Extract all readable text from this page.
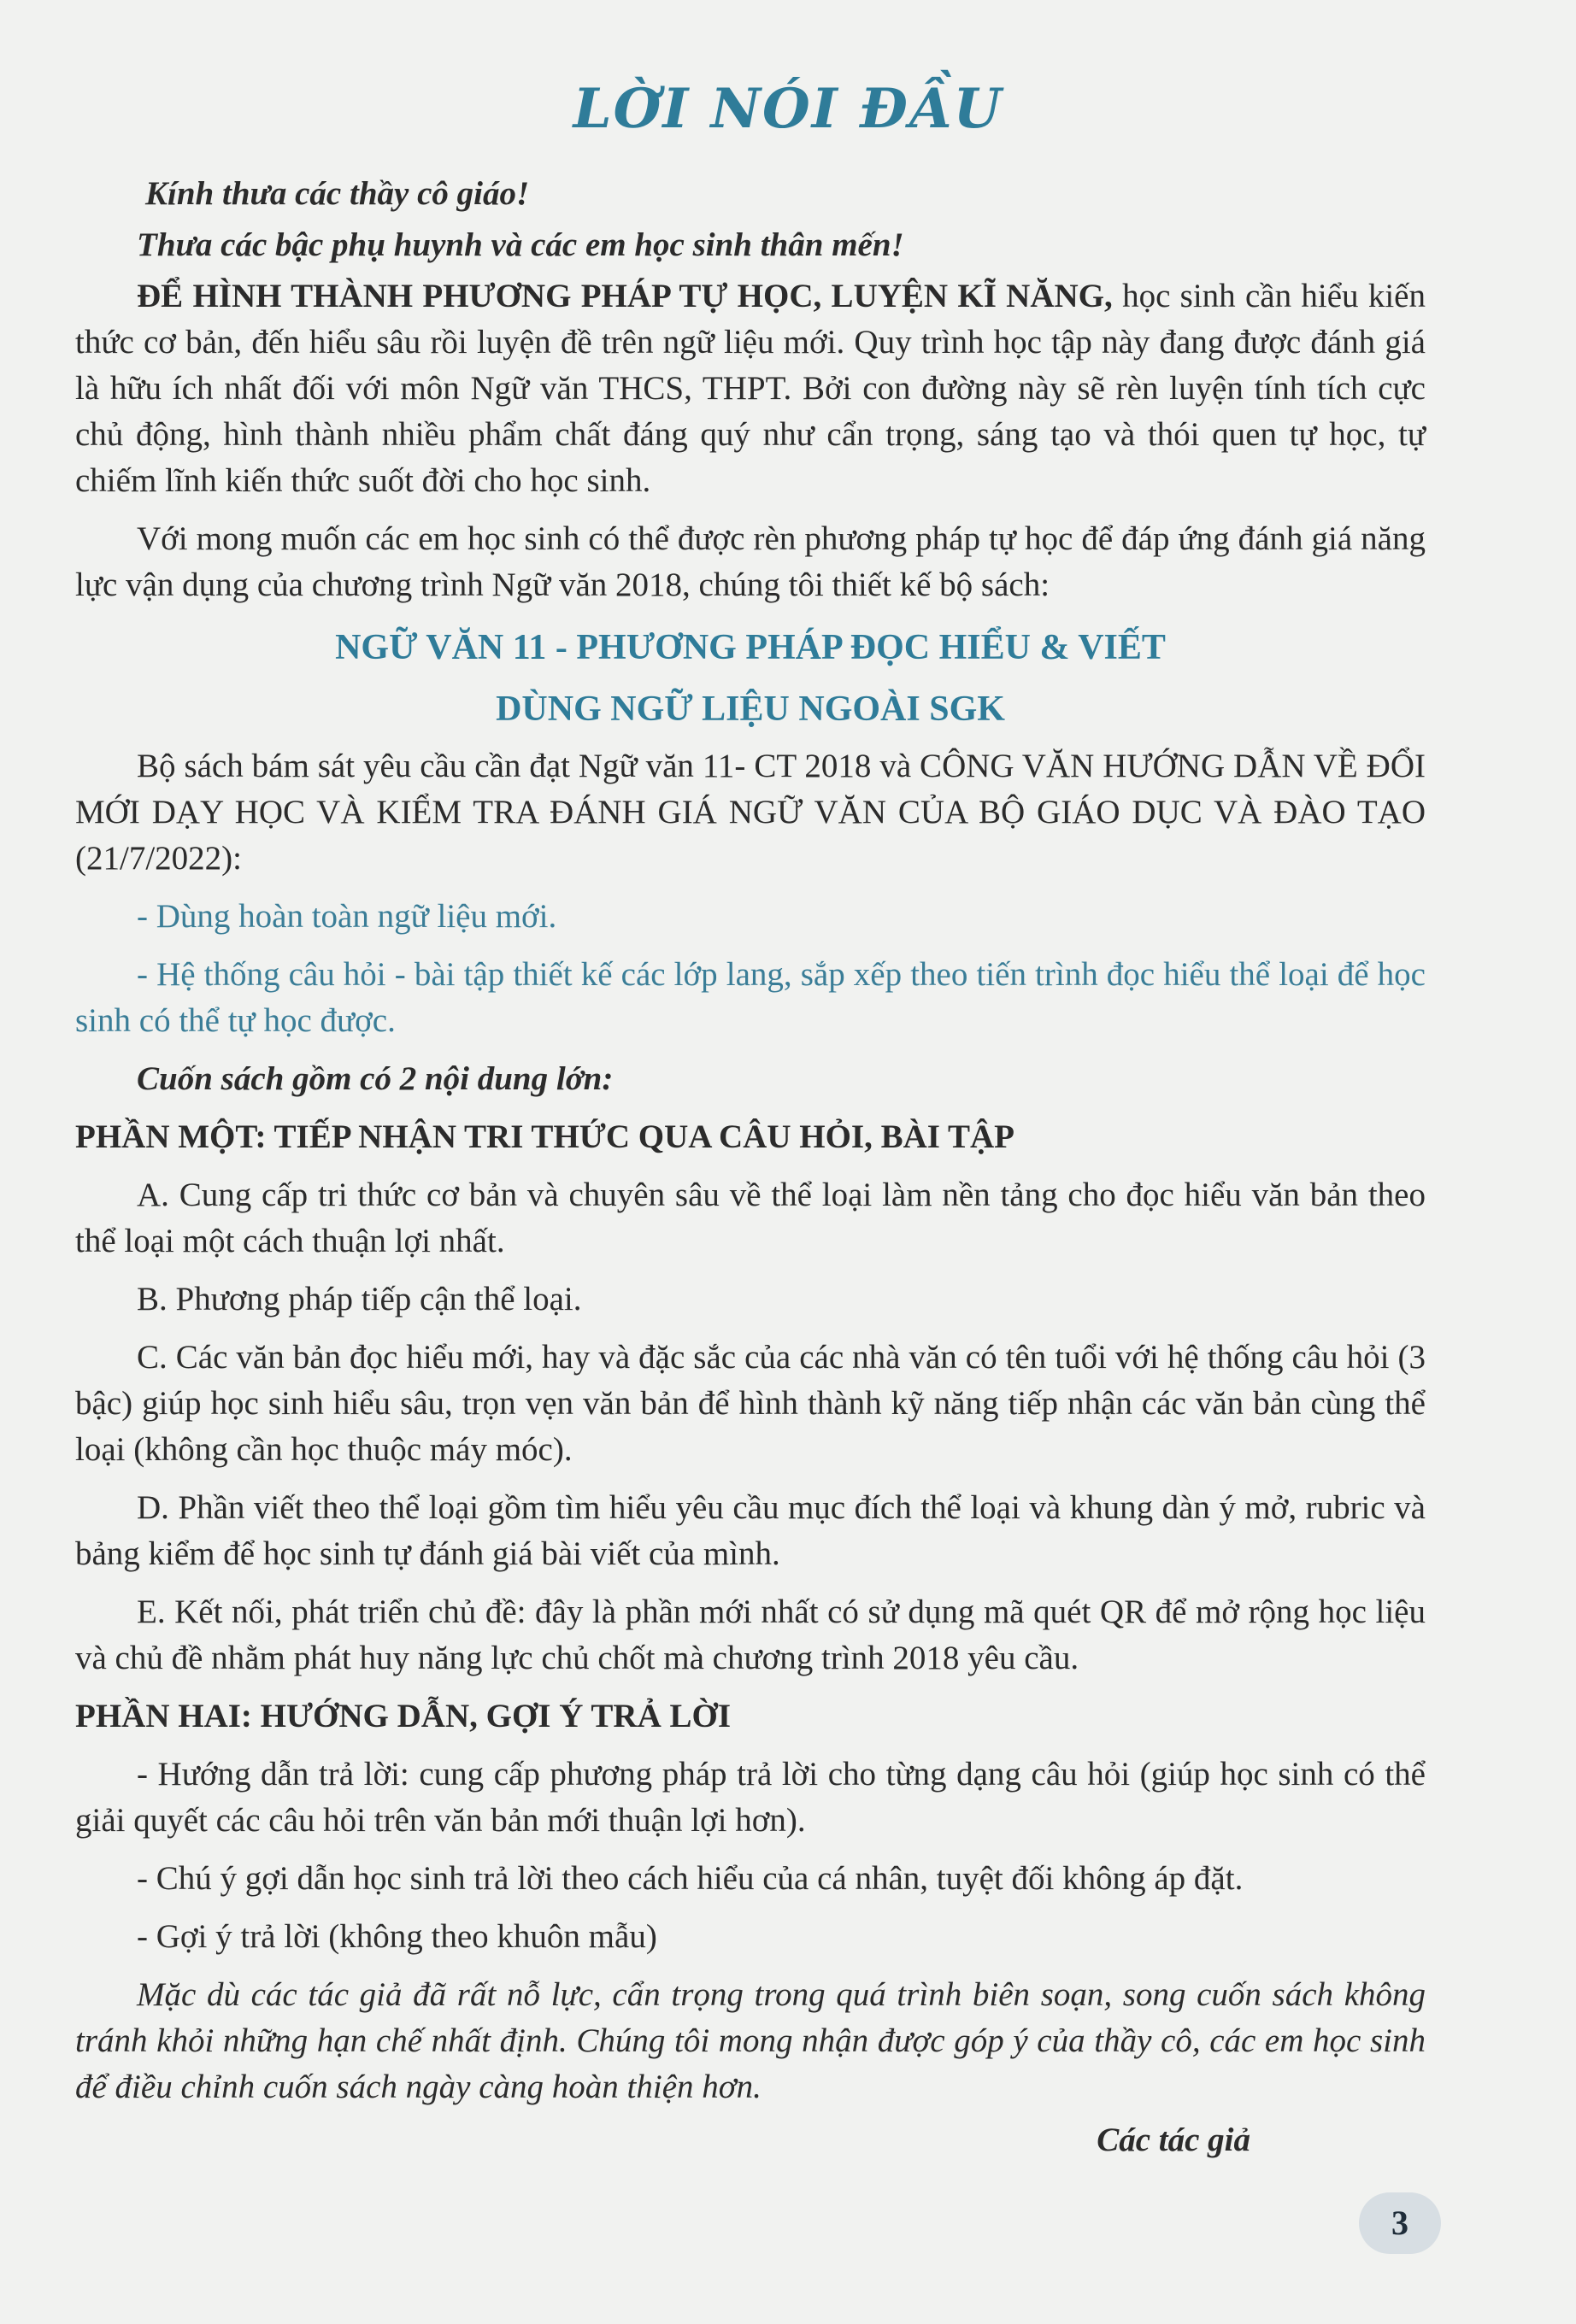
LỜI NÓI ĐẦU

Kính thưa các thầy cô giáo!

Thưa các bậc phụ huynh và các em học sinh thân mến!

ĐỂ HÌNH THÀNH PHƯƠNG PHÁP TỰ HỌC, LUYỆN KĨ NĂNG, học sinh cần hiểu kiến thức cơ bản, đến hiểu sâu rồi luyện đề trên ngữ liệu mới. Quy trình học tập này đang được đánh giá là hữu ích nhất đối với môn Ngữ văn THCS, THPT. Bởi con đường này sẽ rèn luyện tính tích cực chủ động, hình thành nhiều phẩm chất đáng quý như cẩn trọng, sáng tạo và thói quen tự học, tự chiếm lĩnh kiến thức suốt đời cho học sinh.

Với mong muốn các em học sinh có thể được rèn phương pháp tự học để đáp ứng đánh giá năng lực vận dụng của chương trình Ngữ văn 2018, chúng tôi thiết kế bộ sách:

NGỮ VĂN 11 - PHƯƠNG PHÁP ĐỌC HIỂU & VIẾT

DÙNG NGỮ LIỆU NGOÀI SGK

Bộ sách bám sát yêu cầu cần đạt Ngữ văn 11- CT 2018 và CÔNG VĂN HƯỚNG DẪN VỀ ĐỔI MỚI DẠY HỌC VÀ KIỂM TRA ĐÁNH GIÁ NGỮ VĂN CỦA BỘ GIÁO DỤC VÀ ĐÀO TẠO (21/7/2022):

- Dùng hoàn toàn ngữ liệu mới.

- Hệ thống câu hỏi - bài tập thiết kế các lớp lang, sắp xếp theo tiến trình đọc hiểu thể loại để học sinh có thể tự học được.

Cuốn sách gồm có 2 nội dung lớn:

PHẦN MỘT: TIẾP NHẬN TRI THỨC QUA CÂU HỎI, BÀI TẬP

A. Cung cấp tri thức cơ bản và chuyên sâu về thể loại làm nền tảng cho đọc hiểu văn bản theo thể loại một cách thuận lợi nhất.

B. Phương pháp tiếp cận thể loại.

C. Các văn bản đọc hiểu mới, hay và đặc sắc của các nhà văn có tên tuổi với hệ thống câu hỏi (3 bậc) giúp học sinh hiểu sâu, trọn vẹn văn bản để hình thành kỹ năng tiếp nhận các văn bản cùng thể loại (không cần học thuộc máy móc).

D. Phần viết theo thể loại gồm tìm hiểu yêu cầu mục đích thể loại và khung dàn ý mở, rubric và bảng kiểm để học sinh tự đánh giá bài viết của mình.

E. Kết nối, phát triển chủ đề: đây là phần mới nhất có sử dụng mã quét QR để mở rộng học liệu và chủ đề nhằm phát huy năng lực chủ chốt mà chương trình 2018 yêu cầu.

PHẦN HAI: HƯỚNG DẪN, GỢI Ý TRẢ LỜI

- Hướng dẫn trả lời: cung cấp phương pháp trả lời cho từng dạng câu hỏi (giúp học sinh có thể giải quyết các câu hỏi trên văn bản mới thuận lợi hơn).

- Chú ý gợi dẫn học sinh trả lời theo cách hiểu của cá nhân, tuyệt đối không áp đặt.

- Gợi ý trả lời (không theo khuôn mẫu)

Mặc dù các tác giả đã rất nỗ lực, cẩn trọng trong quá trình biên soạn, song cuốn sách không tránh khỏi những hạn chế nhất định. Chúng tôi mong nhận được góp ý của thầy cô, các em học sinh để điều chỉnh cuốn sách ngày càng hoàn thiện hơn.

Các tác giả

3
